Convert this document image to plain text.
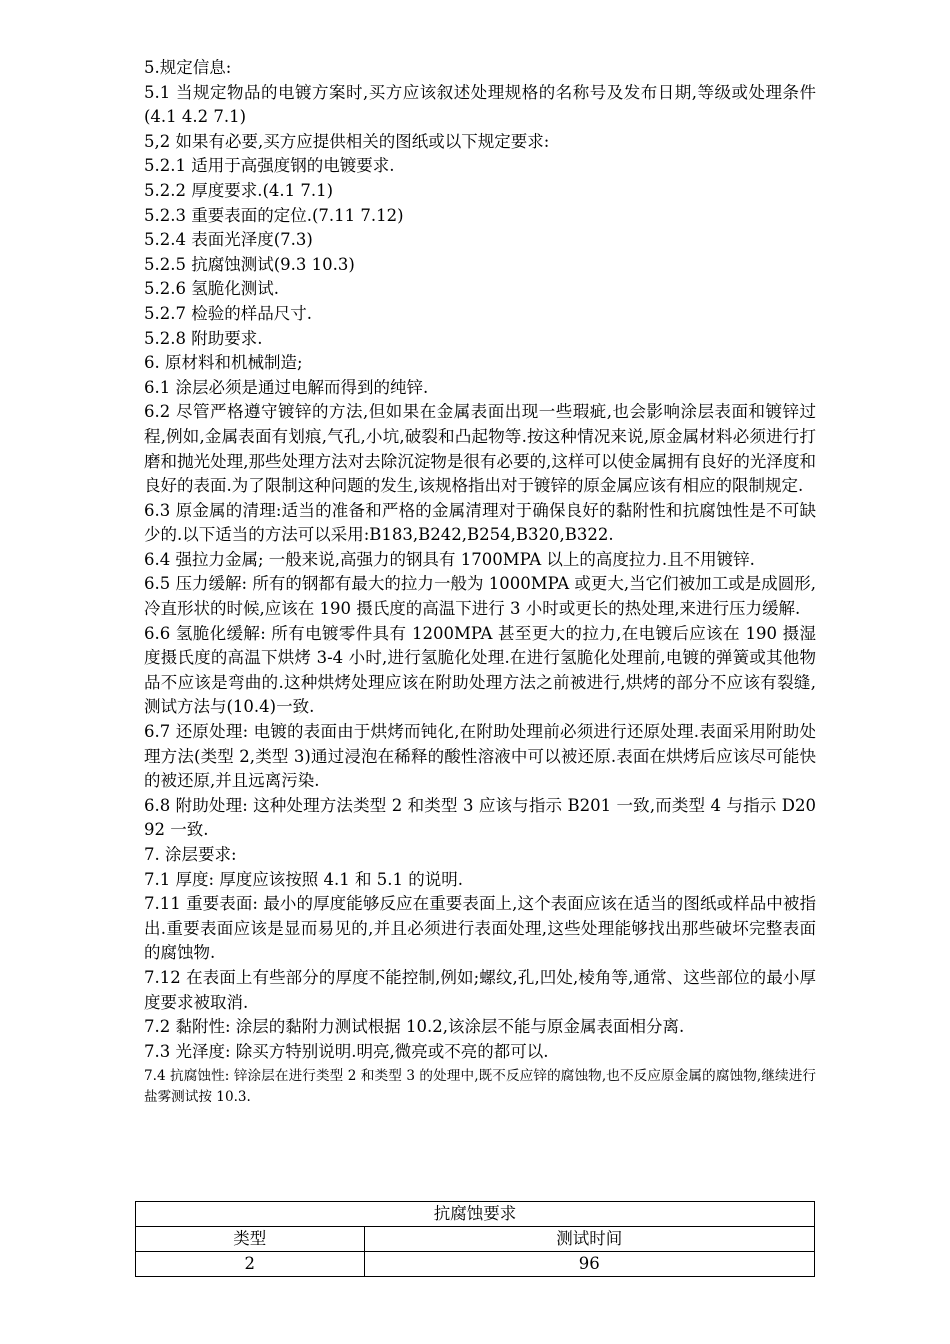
5.规定信息:

5.1 当规定物品的电镀方案时,买方应该叙述处理规格的名称号及发布日期,等级或处理条件(4.1 4.2 7.1)

5,2 如果有必要,买方应提供相关的图纸或以下规定要求:

5.2.1 适用于高强度钢的电镀要求.

5.2.2 厚度要求.(4.1 7.1)

5.2.3 重要表面的定位.(7.11 7.12)

5.2.4 表面光泽度(7.3)

5.2.5 抗腐蚀测试(9.3 10.3)

5.2.6 氢脆化测试.

5.2.7 检验的样品尺寸.

5.2.8 附助要求.

6. 原材料和机械制造;

6.1 涂层必须是通过电解而得到的纯锌.

6.2 尽管严格遵守镀锌的方法,但如果在金属表面出现一些瑕疵,也会影响涂层表面和镀锌过程,例如,金属表面有划痕,气孔,小坑,破裂和凸起物等.按这种情况来说,原金属材料必须进行打磨和抛光处理,那些处理方法对去除沉淀物是很有必要的,这样可以使金属拥有良好的光泽度和良好的表面.为了限制这种问题的发生,该规格指出对于镀锌的原金属应该有相应的限制规定.

6.3 原金属的清理:适当的准备和严格的金属清理对于确保良好的黏附性和抗腐蚀性是不可缺少的.以下适当的方法可以采用:B183,B242,B254,B320,B322.

6.4 强拉力金属; 一般来说,高强力的钢具有 1700MPA 以上的高度拉力.且不用镀锌.

6.5 压力缓解: 所有的钢都有最大的拉力一般为 1000MPA 或更大,当它们被加工或是成圆形,冷直形状的时候,应该在 190 摄氏度的高温下进行 3 小时或更长的热处理,来进行压力缓解.

6.6 氢脆化缓解: 所有电镀零件具有 1200MPA 甚至更大的拉力,在电镀后应该在 190 摄湿度摄氏度的高温下烘烤 3-4 小时,进行氢脆化处理.在进行氢脆化处理前,电镀的弹簧或其他物品不应该是弯曲的.这种烘烤处理应该在附助处理方法之前被进行,烘烤的部分不应该有裂缝,测试方法与(10.4)一致.

6.7 还原处理: 电镀的表面由于烘烤而钝化,在附助处理前必须进行还原处理.表面采用附助处理方法(类型 2,类型 3)通过浸泡在稀释的酸性溶液中可以被还原.表面在烘烤后应该尽可能快的被还原,并且远离污染.

6.8 附助处理: 这种处理方法类型 2 和类型 3 应该与指示 B201 一致,而类型 4 与指示 D2092 一致.

7. 涂层要求:

7.1 厚度: 厚度应该按照 4.1 和 5.1 的说明.

7.11 重要表面: 最小的厚度能够反应在重要表面上,这个表面应该在适当的图纸或样品中被指出.重要表面应该是显而易见的,并且必须进行表面处理,这些处理能够找出那些破坏完整表面的腐蚀物.

7.12 在表面上有些部分的厚度不能控制,例如;螺纹,孔,凹处,棱角等,通常、这些部位的最小厚度要求被取消.

7.2 黏附性: 涂层的黏附力测试根据 10.2,该涂层不能与原金属表面相分离.

7.3 光泽度: 除买方特别说明.明亮,微亮或不亮的都可以.

7.4 抗腐蚀性: 锌涂层在进行类型 2 和类型 3 的处理中,既不反应锌的腐蚀物,也不反应原金属的腐蚀物,继续进行盐雾测试按 10.3.

抗腐蚀要求	
类型	测试时间
2	96
